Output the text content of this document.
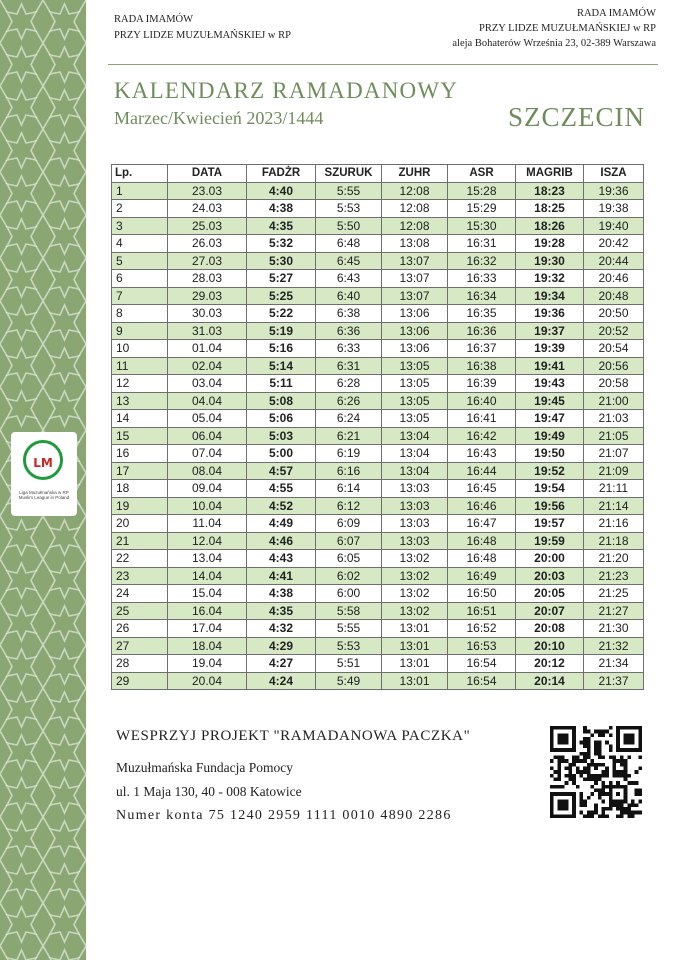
LM
Liga Muzułmańska w RP Muslim League in Poland
RADA IMAMÓW
PRZY LIDZE MUZUŁMAŃSKIEJ w RP
RADA IMAMÓW
PRZY LIDZE MUZUŁMAŃSKIEJ w RP
aleja Bohaterów Września 23, 02-389 Warszawa
KALENDARZ RAMADANOWY
Marzec/Kwiecień 2023/1444	SZCZECIN
Lp.	DATA	FADŻR	SZURUK	ZUHR	ASR	MAGRIB	ISZA
1	23.03	4:40	5:55	12:08	15:28	18:23	19:36
2	24.03	4:38	5:53	12:08	15:29	18:25	19:38
3	25.03	4:35	5:50	12:08	15:30	18:26	19:40
4	26.03	5:32	6:48	13:08	16:31	19:28	20:42
5	27.03	5:30	6:45	13:07	16:32	19:30	20:44
6	28.03	5:27	6:43	13:07	16:33	19:32	20:46
7	29.03	5:25	6:40	13:07	16:34	19:34	20:48
8	30.03	5:22	6:38	13:06	16:35	19:36	20:50
9	31.03	5:19	6:36	13:06	16:36	19:37	20:52
10	01.04	5:16	6:33	13:06	16:37	19:39	20:54
11	02.04	5:14	6:31	13:05	16:38	19:41	20:56
12	03.04	5:11	6:28	13:05	16:39	19:43	20:58
13	04.04	5:08	6:26	13:05	16:40	19:45	21:00
14	05.04	5:06	6:24	13:05	16:41	19:47	21:03
15	06.04	5:03	6:21	13:04	16:42	19:49	21:05
16	07.04	5:00	6:19	13:04	16:43	19:50	21:07
17	08.04	4:57	6:16	13:04	16:44	19:52	21:09
18	09.04	4:55	6:14	13:03	16:45	19:54	21:11
19	10.04	4:52	6:12	13:03	16:46	19:56	21:14
20	11.04	4:49	6:09	13:03	16:47	19:57	21:16
21	12.04	4:46	6:07	13:03	16:48	19:59	21:18
22	13.04	4:43	6:05	13:02	16:48	20:00	21:20
23	14.04	4:41	6:02	13:02	16:49	20:03	21:23
24	15.04	4:38	6:00	13:02	16:50	20:05	21:25
25	16.04	4:35	5:58	13:02	16:51	20:07	21:27
26	17.04	4:32	5:55	13:01	16:52	20:08	21:30
27	18.04	4:29	5:53	13:01	16:53	20:10	21:32
28	19.04	4:27	5:51	13:01	16:54	20:12	21:34
29	20.04	4:24	5:49	13:01	16:54	20:14	21:37
WESPRZYJ PROJEKT "RAMADANOWA PACZKA"
Muzułmańska Fundacja Pomocy
ul. 1 Maja 130, 40 - 008 Katowice
Numer konta 75 1240 2959 1111 0010 4890 2286
